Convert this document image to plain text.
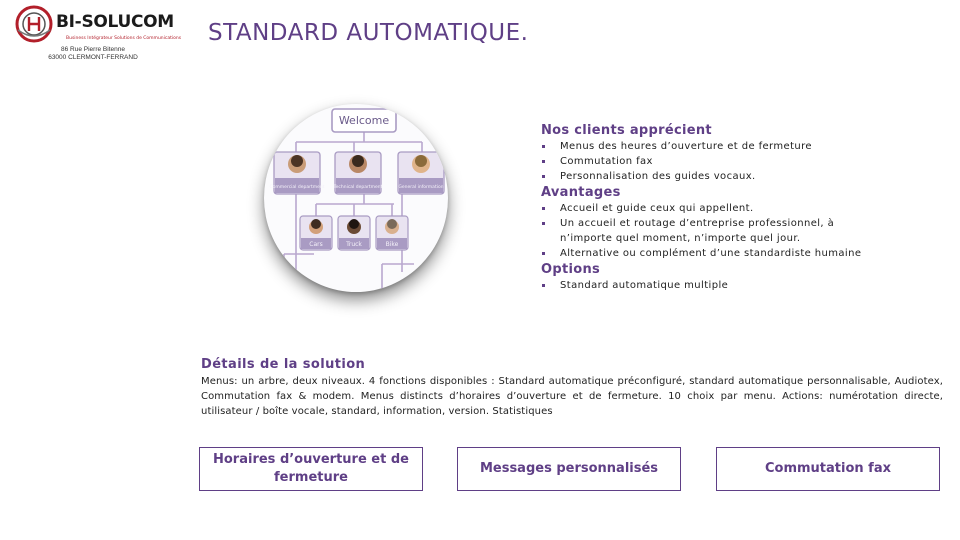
BI-SOLUCOM
Business Intégrateur Solutions de Communications
86 Rue Pierre Bitenne
63000 CLERMONT-FERRAND
STANDARD AUTOMATIQUE.
Welcome
Commercial department Technical department	General information
Cars	Truck	Bike
Nos clients apprécient
Menus des heures d’ouverture et de fermeture
Commutation fax
Personnalisation des guides vocaux.
Avantages
Accueil et guide ceux qui appellent.
Un accueil et routage d’entreprise professionnel, à n’importe quel moment, n’importe quel jour.
Alternative ou complément d’une standardiste humaine
Options
Standard automatique multiple
Détails de la solution
Menus: un arbre, deux niveaux. 4 fonctions disponibles : Standard automatique préconfiguré, standard automatique personnalisable, Audiotex, Commutation fax & modem. Menus distincts d’horaires d’ouverture et de fermeture. 10 choix par menu. Actions: numérotation directe, utilisateur / boîte vocale, standard, information, version. Statistiques
Horaires d’ouverture et de fermeture
Messages personnalisés	Commutation fax
